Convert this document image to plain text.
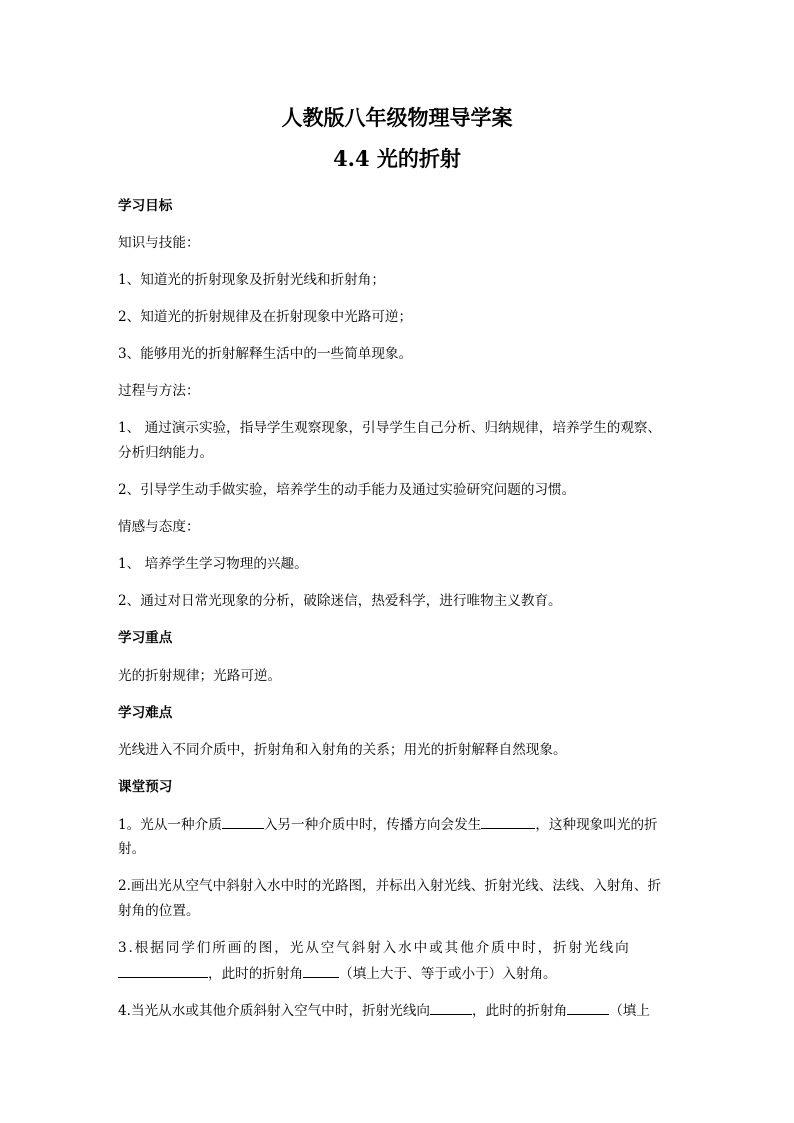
人教版八年级物理导学案
4.4 光的折射
学习目标
知识与技能：
1、知道光的折射现象及折射光线和折射角；
2、知道光的折射规律及在折射现象中光路可逆；
3、能够用光的折射解释生活中的一些简单现象。
过程与方法：
1、 通过演示实验，指导学生观察现象，引导学生自己分析、归纳规律，培养学生的观察、
分析归纳能力。
2、引导学生动手做实验，培养学生的动手能力及通过实验研究问题的习惯。
情感与态度：
1、 培养学生学习物理的兴趣。
2、通过对日常光现象的分析，破除迷信，热爱科学，进行唯物主义教育。
学习重点
光的折射规律；光路可逆。
学习难点
光线进入不同介质中，折射角和入射角的关系；用光的折射解释自然现象。
课堂预习
1。光从一种介质	入另一种介质中时，传播方向会发生	，这种现象叫光的折
射。
2.画出光从空气中斜射入水中时的光路图，并标出入射光线、折射光线、法线、入射角、折
射角的位置。
3.根据同学们所画的图，光从空气斜射入水中或其他介质中时，折射光线向
，此时的折射角	（填上大于、等于或小于）入射角。
4.当光从水或其他介质斜射入空气中时，折射光线向	，此时的折射角	（填上
